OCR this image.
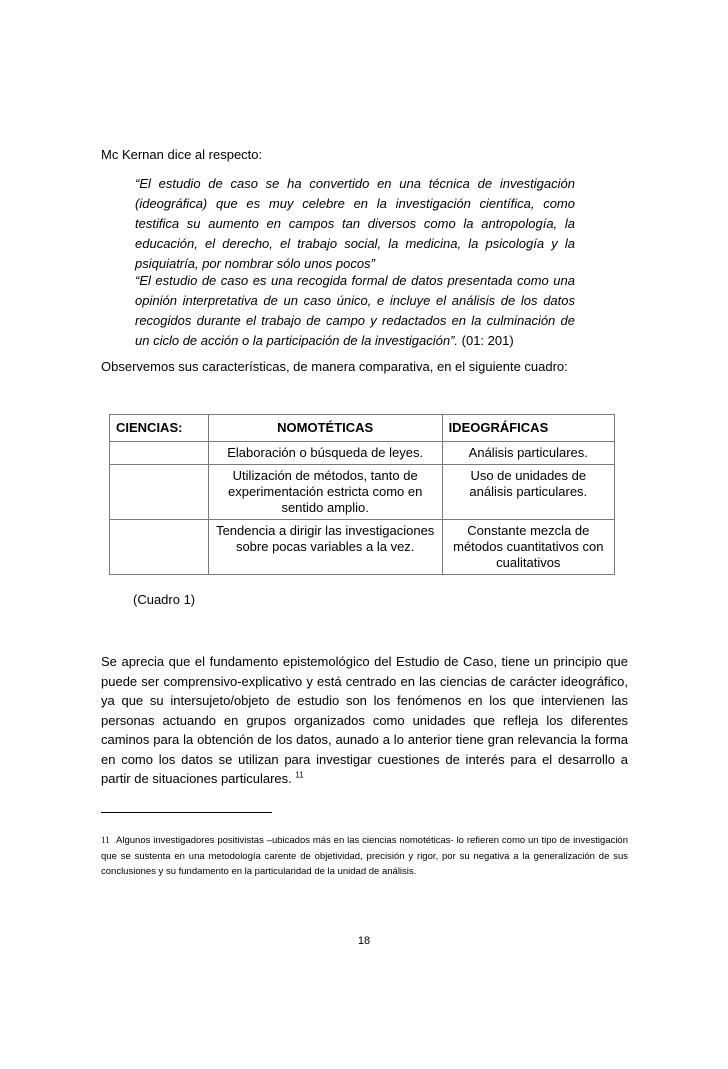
Mc Kernan dice al respecto:
“El estudio de caso se ha convertido en una técnica de investigación (ideográfica) que es muy celebre en la investigación científica, como testifica su aumento en campos tan diversos como la antropología, la educación, el derecho, el trabajo social, la medicina, la psicología y la psiquiatría, por nombrar sólo unos pocos”
“El estudio de caso es una recogida formal de datos presentada como una opinión interpretativa de un caso único, e incluye el análisis de los datos recogidos durante el trabajo de campo y redactados en la culminación de un ciclo de acción o la participación de la investigación”. (01: 201)
Observemos sus características, de manera comparativa, en el siguiente cuadro:
CIENCIAS:	NOMOTÉTICAS	IDEOGRÁFICAS
	Elaboración o búsqueda de leyes.	Análisis particulares.
	Utilización de métodos, tanto de experimentación estricta como en sentido amplio.	Uso de unidades de análisis particulares.
	Tendencia a dirigir las investigaciones sobre pocas variables a la vez.	Constante mezcla de métodos cuantitativos con cualitativos
(Cuadro 1)
Se aprecia que el fundamento epistemológico del Estudio de Caso, tiene un principio que puede ser comprensivo-explicativo y está centrado en las ciencias de carácter ideográfico, ya que su intersujeto/objeto de estudio son los fenómenos en los que intervienen las personas actuando en grupos organizados como unidades que refleja los diferentes caminos para la obtención de los datos, aunado a lo anterior tiene gran relevancia la forma en como los datos se utilizan para investigar cuestiones de interés para el desarrollo a partir de situaciones particulares. $^{11}$
11 Algunos investigadores positivistas –ubicados más en las ciencias nomotéticas- lo refieren como un tipo de investigación que se sustenta en una metodología carente de objetividad, precisión y rigor, por su negativa a la generalización de sus conclusiones y su fundamento en la particularidad de la unidad de análisis.
18
